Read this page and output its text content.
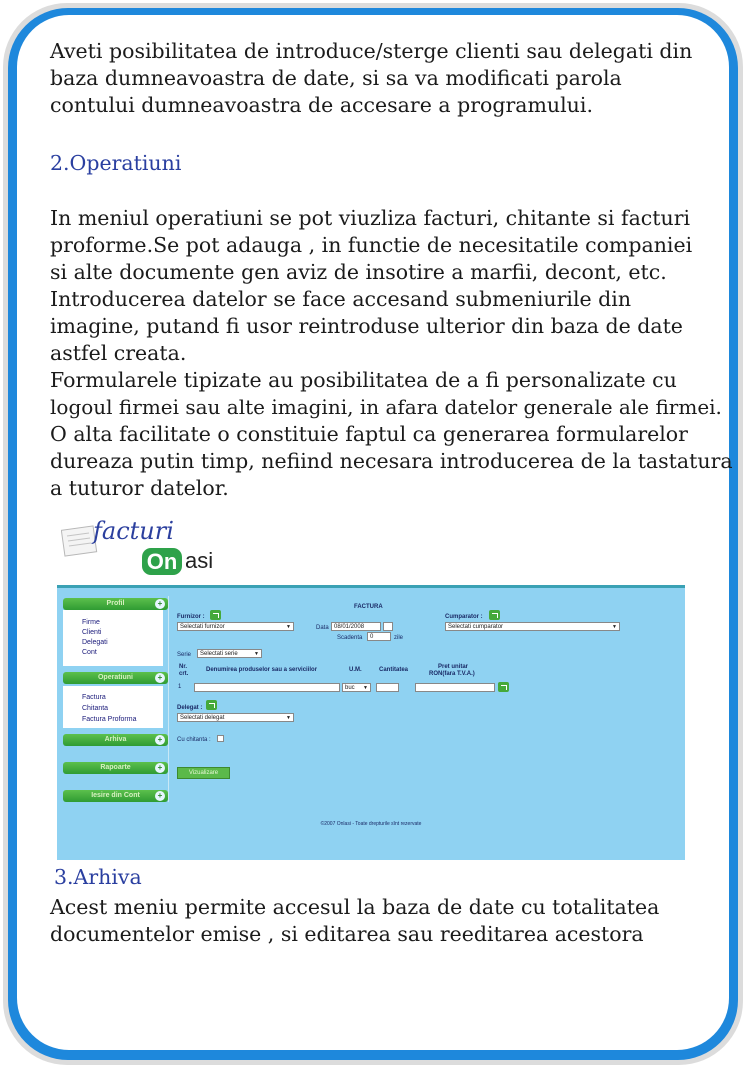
Aveti posibilitatea de introduce/sterge clienti sau delegati din
baza dumneavoastra de date, si sa va modificati parola
contului dumneavoastra de accesare a programului.
2.Operatiuni
In meniul operatiuni se pot viuzliza facturi, chitante si facturi
proforme.Se pot adauga , in functie de necesitatile companiei
si alte documente gen aviz de insotire a marfii, decont, etc.
Introducerea datelor se face accesand submeniurile din
imagine, putand fi usor reintroduse ulterior din baza de date
astfel creata.
Formularele tipizate au posibilitatea de a fi personalizate cu
logoul firmei sau alte imagini, in afara datelor generale ale firmei.
O alta facilitate o constituie faptul ca generarea formularelor
dureaza putin timp, nefiind necesara introducerea de la tastatura
a tuturor datelor.
facturi
On asi
Profil	+
Firme
Clienti
Delegati
Cont
Operatiuni	+
Factura
Chitanta
Factura Proforma
Arhiva	+
Rapoarte	+
Iesire din Cont	+
FACTURA
Furnizor :
Selectati furnizor	▼	Data 08/01/2008
Scadenta	0	zile
Cumparator :
Selectati cumparator	▼
Serie	Selectati serie	▼
Nr.
crt.
Denumirea produselor sau a serviciilor	U.M.	Cantitatea	Pret unitar
RON(fara T.V.A.)
1	buc ▼
Delegat :
Selectati delegat	▼
Cu chitanta :
Vizualizare
©2007 Onlasi - Toate drepturile sînt rezervate
3.Arhiva
Acest meniu permite accesul la baza de date cu totalitatea
documentelor emise , si editarea sau reeditarea acestora
